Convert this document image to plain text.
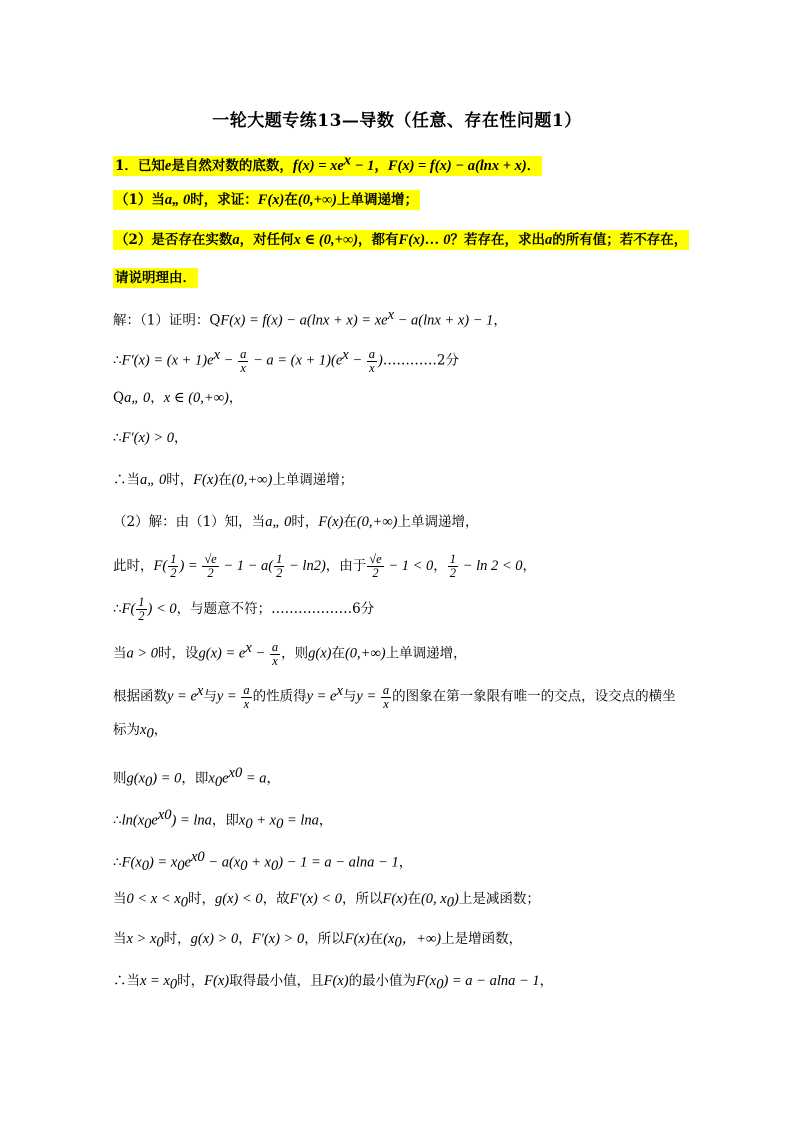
一轮大题专练13—导数（任意、存在性问题1）
1．已知e是自然对数的底数，$f(x) = xe^x - 1$，F(x) = f(x) − a(lnx + x)．
（1）当a„ 0时，求证：F(x)在(0,+∞)上单调递增；
（2）是否存在实数a，对任何x ∈ (0,+∞)，都有F(x)… 0？若存在，求出a的所有值；若不存在，
请说明理由．
解：（1）证明：$QF(x) = f(x) - a(\ln x + x) = xe^x - a(\ln x + x) - 1$，
∴F′(x) = $(x + 1)e^x - \frac{a}{x} - a = (x + 1)(e^x - \frac{a}{x}$ )…………2分
Qa„ 0，x ∈ (0,+∞)，
∴F′(x) > 0，
∴当a„ 0时，F(x)在(0,+∞)上单调递增；
（2）解：由（1）知，当a„ 0时，F(x)在(0,+∞)上单调递增，
此时，$F( \frac{1}{2}$ ) = $\frac{√e}{2} - 1 - a( \frac{1}{2} - \ln 2)$，由于 $\frac{√e}{2} - 1 < 0$， $\frac{1}{2} - \ln 2 < 0$，
∴F( $\frac{1}{2}$ ) < 0，与题意不符；………………6分
当a > 0时，设$g(x) = e^x - \frac{a}{x}$ ，则g(x)在(0,+∞)上单调递增，
根据函数$y = e^x$与$y = \frac{a}{x}$ 的性质得$y = e^x$与$y = \frac{a}{x}$ 的图象在第一象限有唯一的交点，设交点的横坐
标为$x_0$，
则$g(x_0) = 0$，即$x_0e^{x0} = a$，
$\therefore\ln(x_0e^{x0}) = \ln a$，即$x_0 + x_0 = \ln a$，
$\therefore F(x_0) = x_0e^{x0} - a(x_0 + x_0) - 1 = a - alna - 1$，
当$0 < x < x_0$时，g(x) < 0，故F′(x) < 0，所以F(x)在(0, $x_0$)上是减函数；
当$x > x_0$时，g(x) > 0，F′(x) > 0，所以F(x)在($x_0$，+∞)上是增函数，
∴当$x = x_0$时，F(x)取得最小值，且F(x)的最小值为$F(x_0) = a - alna - 1$，
